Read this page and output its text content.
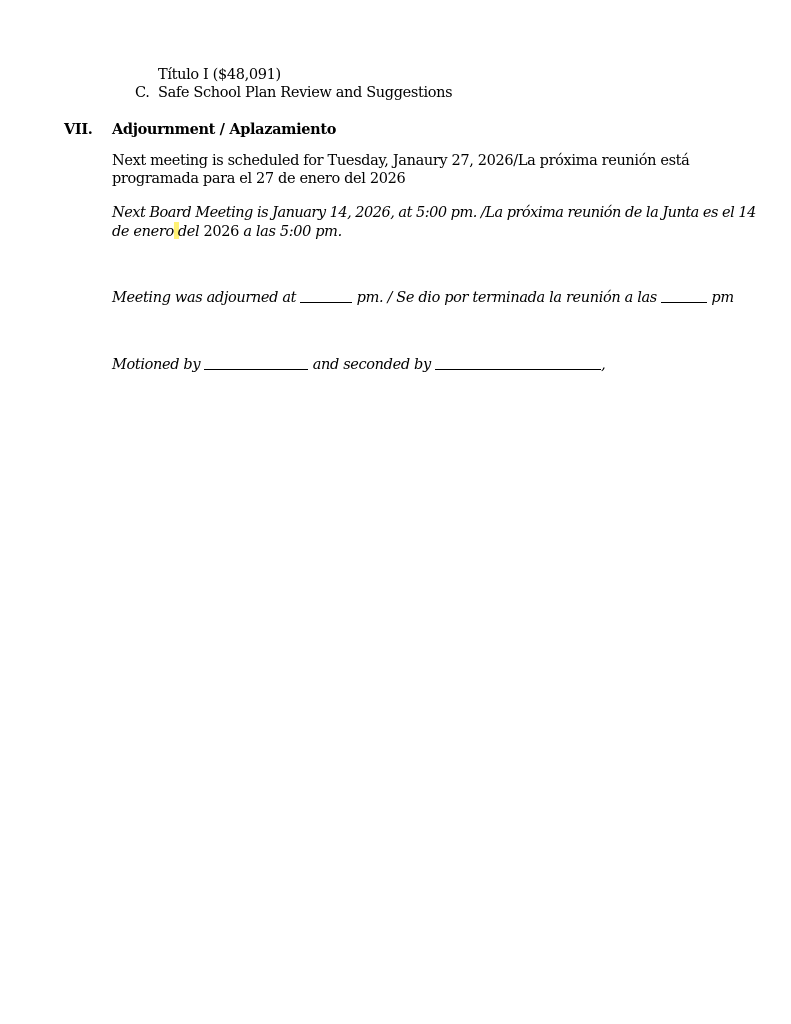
Título I ($48,091)
C. Safe School Plan Review and Suggestions
VII. Adjournment / Aplazamiento
Next meeting is scheduled for Tuesday, Janaury 27, 2026/La próxima reunión está
programada para el 27 de enero del 2026
Next Board Meeting is January 14, 2026, at 5:00 pm. /La próxima reunión de la Junta es el 14
de enero del 2026 a las 5:00 pm.
Meeting was adjourned at	pm. / Se dio por terminada la reunión a las	pm
Motioned by	and seconded by	,
